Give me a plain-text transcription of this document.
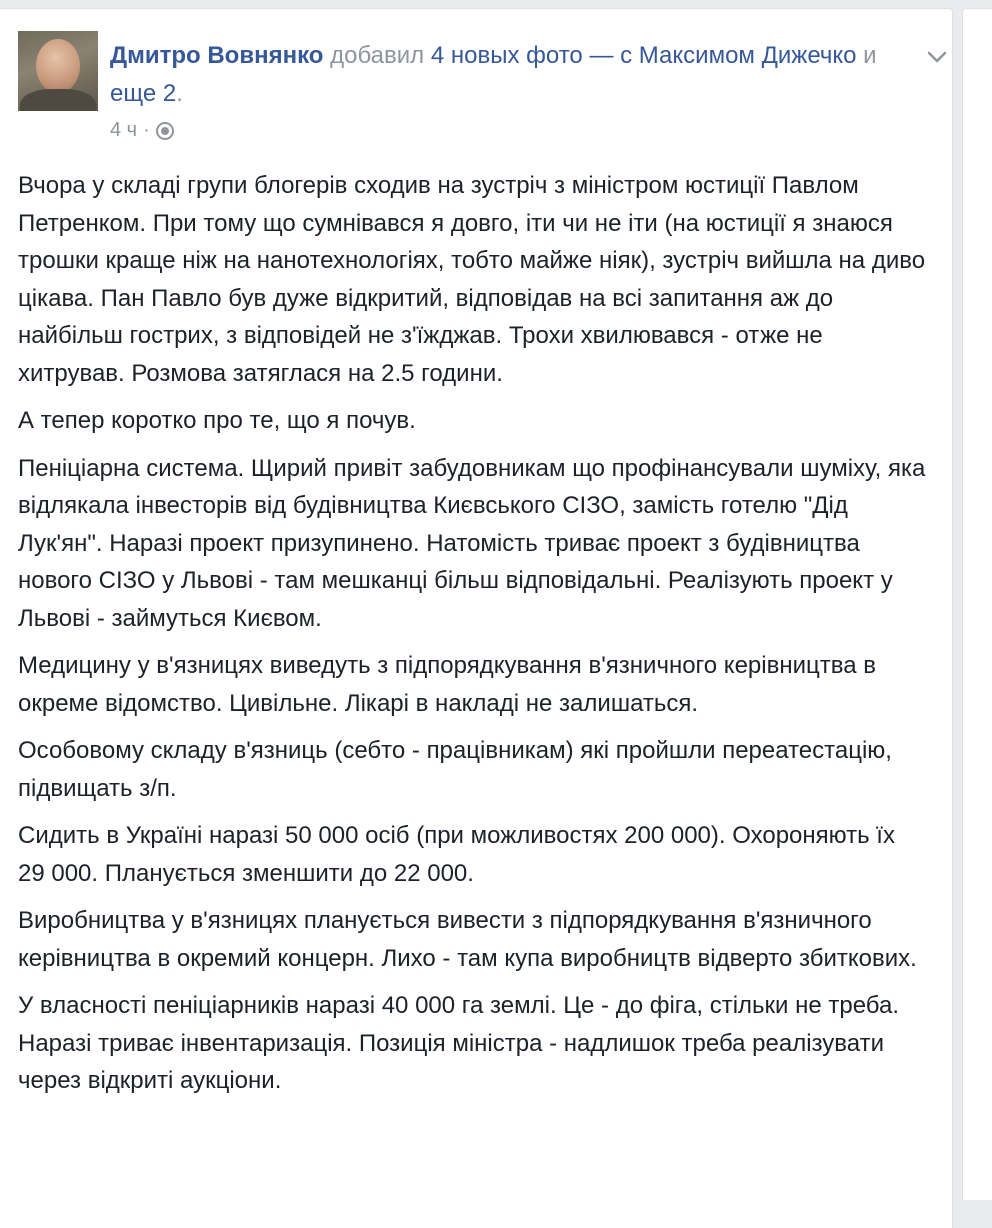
Дмитро Вовнянко добавил 4 новых фото — с Максимом Дижечко и еще 2.
4 ч ·

Вчора у складі групи блогерів сходив на зустріч з міністром юстиції Павлом Петренком. При тому що сумнівався я довго, іти чи не іти (на юстиції я знаюся трошки краще ніж на нанотехнологіях, тобто майже ніяк), зустріч вийшла на диво цікава. Пан Павло був дуже відкритий, відповідав на всі запитання аж до найбільш гострих, з відповідей не з'їжджав. Трохи хвилювався - отже не хитрував. Розмова затяглася на 2.5 години.

А тепер коротко про те, що я почув.

Пеніціарна система. Щирий привіт забудовникам що профінансували шуміху, яка відлякала інвесторів від будівництва Києвського СІЗО, замість готелю "Дід Лук'ян". Наразі проект призупинено. Натомість триває проект з будівництва нового СІЗО у Львові - там мешканці більш відповідальні. Реалізують проект у Львові - займуться Києвом.

Медицину у в'язницях виведуть з підпорядкування в'язничного керівництва в окреме відомство. Цивільне. Лікарі в накладі не залишаться.

Особовому складу в'язниць (себто - працівникам) які пройшли переатестацію, підвищать з/п.

Сидить в Україні наразі 50 000 осіб (при можливостях 200 000). Охороняють їх 29 000. Планується зменшити до 22 000.

Виробництва у в'язницях планується вивести з підпорядкування в'язничного керівництва в окремий концерн. Лихо - там купа виробництв відверто збиткових.

У власності пеніціарників наразі 40 000 га землі. Це - до фіга, стільки не треба. Наразі триває інвентаризація. Позиція міністра - надлишок треба реалізувати через відкриті аукціони.
